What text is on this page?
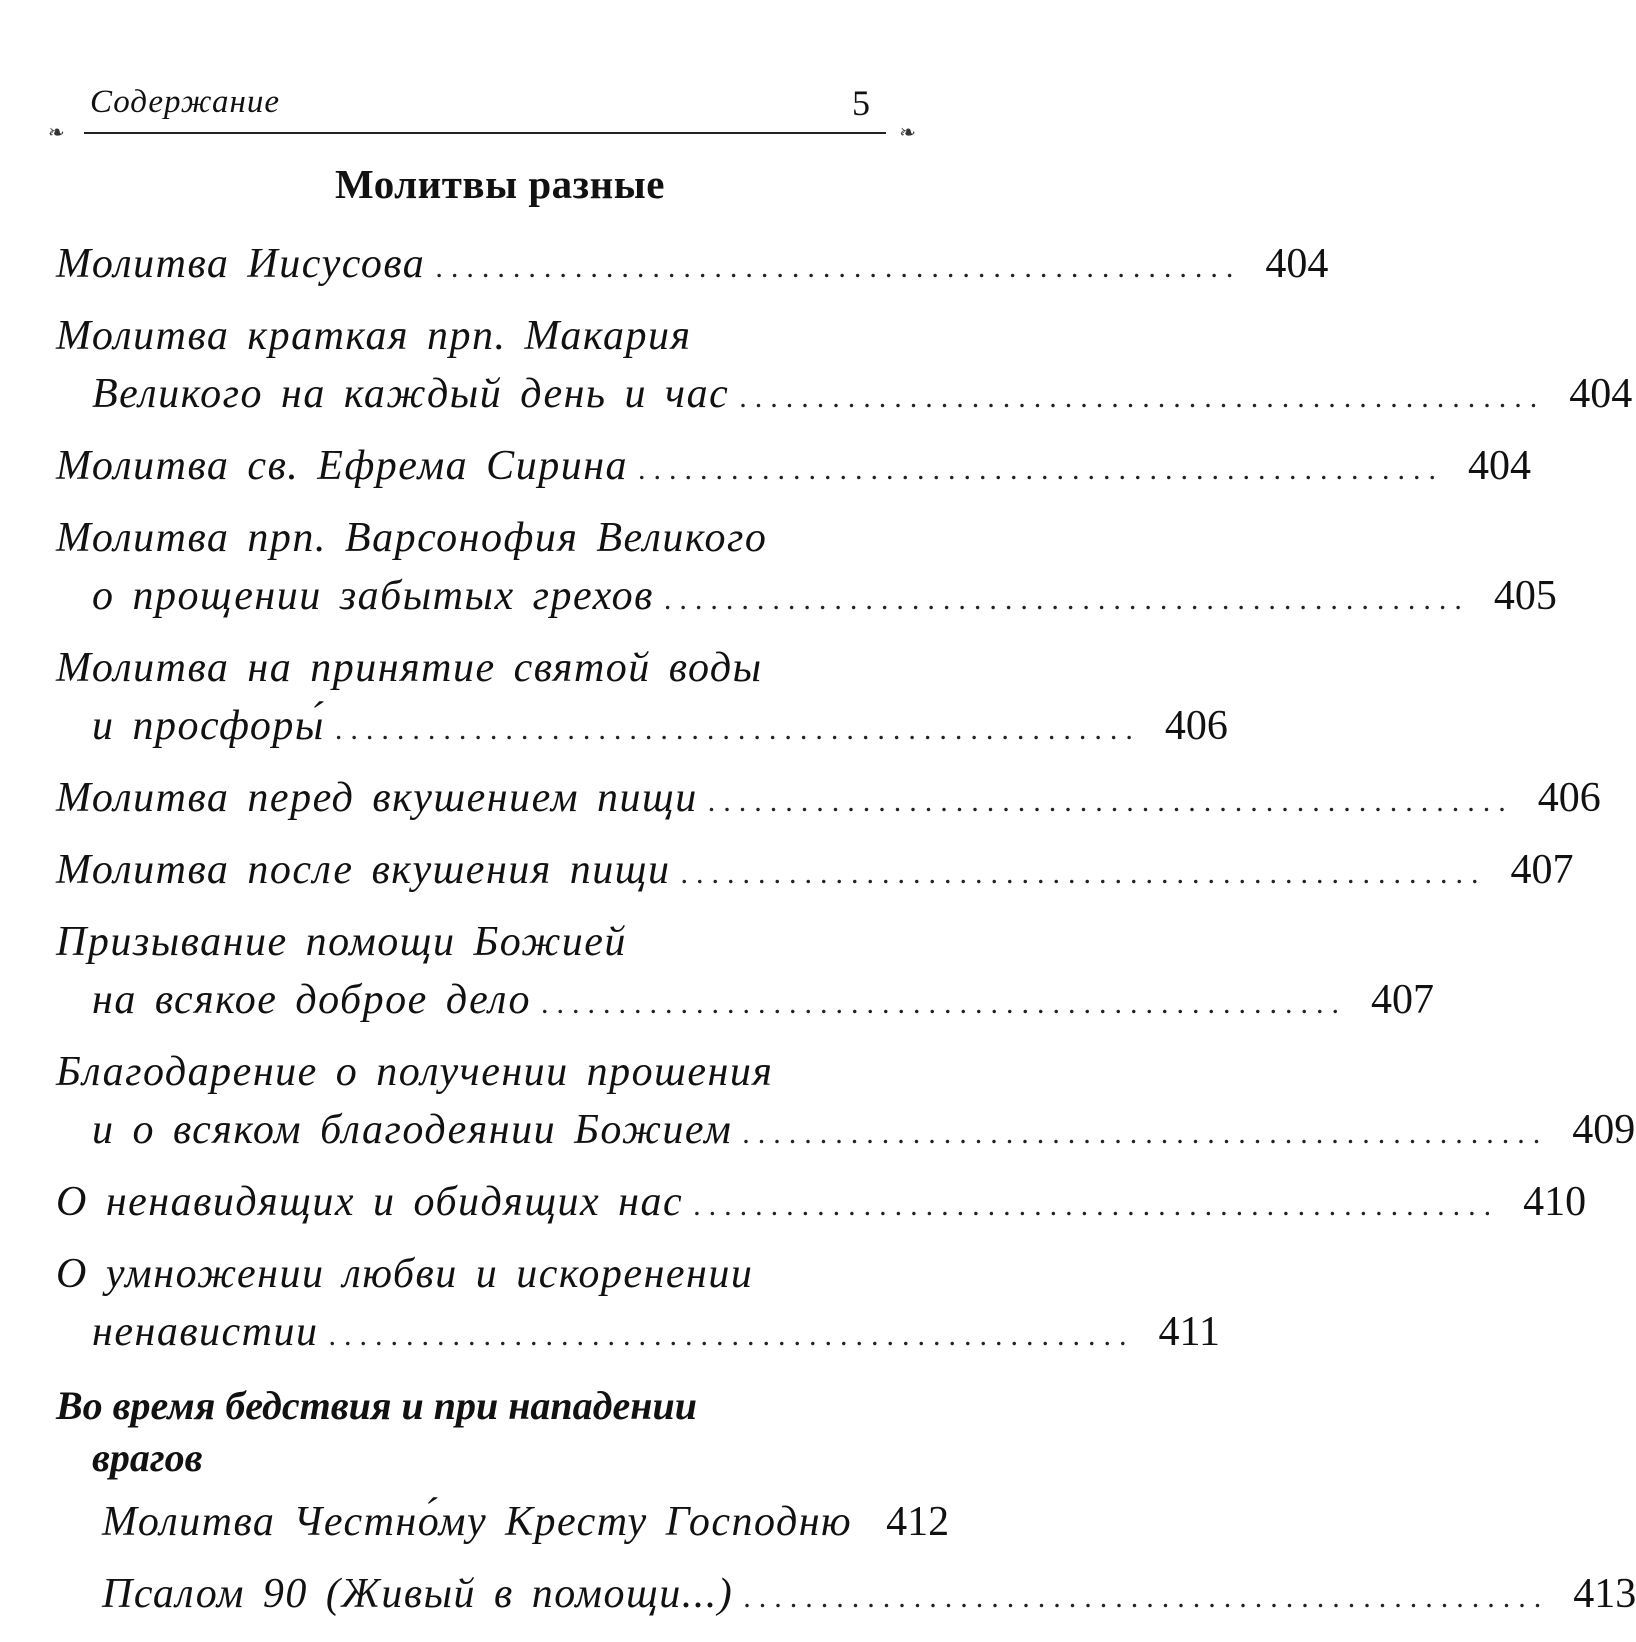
❧
Содержание	5
❧
Молитвы разные
Молитва Иисусова .................................................... 404
Молитва краткая прп. Макария
Великого на каждый день и час .................................................... 404
Молитва св. Ефрема Сирина .................................................... 404
Молитва прп. Варсонофия Великого
о прощении забытых грехов .................................................... 405
Молитва на принятие святой воды
и просфоры́ .................................................... 406
Молитва перед вкушением пищи .................................................... 406
Молитва после вкушения пищи .................................................... 407
Призывание помощи Божией
на всякое доброе дело .................................................... 407
Благодарение о получении прошения
и о всяком благодеянии Божием .................................................... 409
О ненавидящих и обидящих нас .................................................... 410
О умножении любви и искоренении
ненавистии .................................................... 411
Во время бедствия и при нападении
врагов
Молитва Честно́му Кресту Господню 412
Псалом 90 (Живый в помощи...) .................................................... 413
